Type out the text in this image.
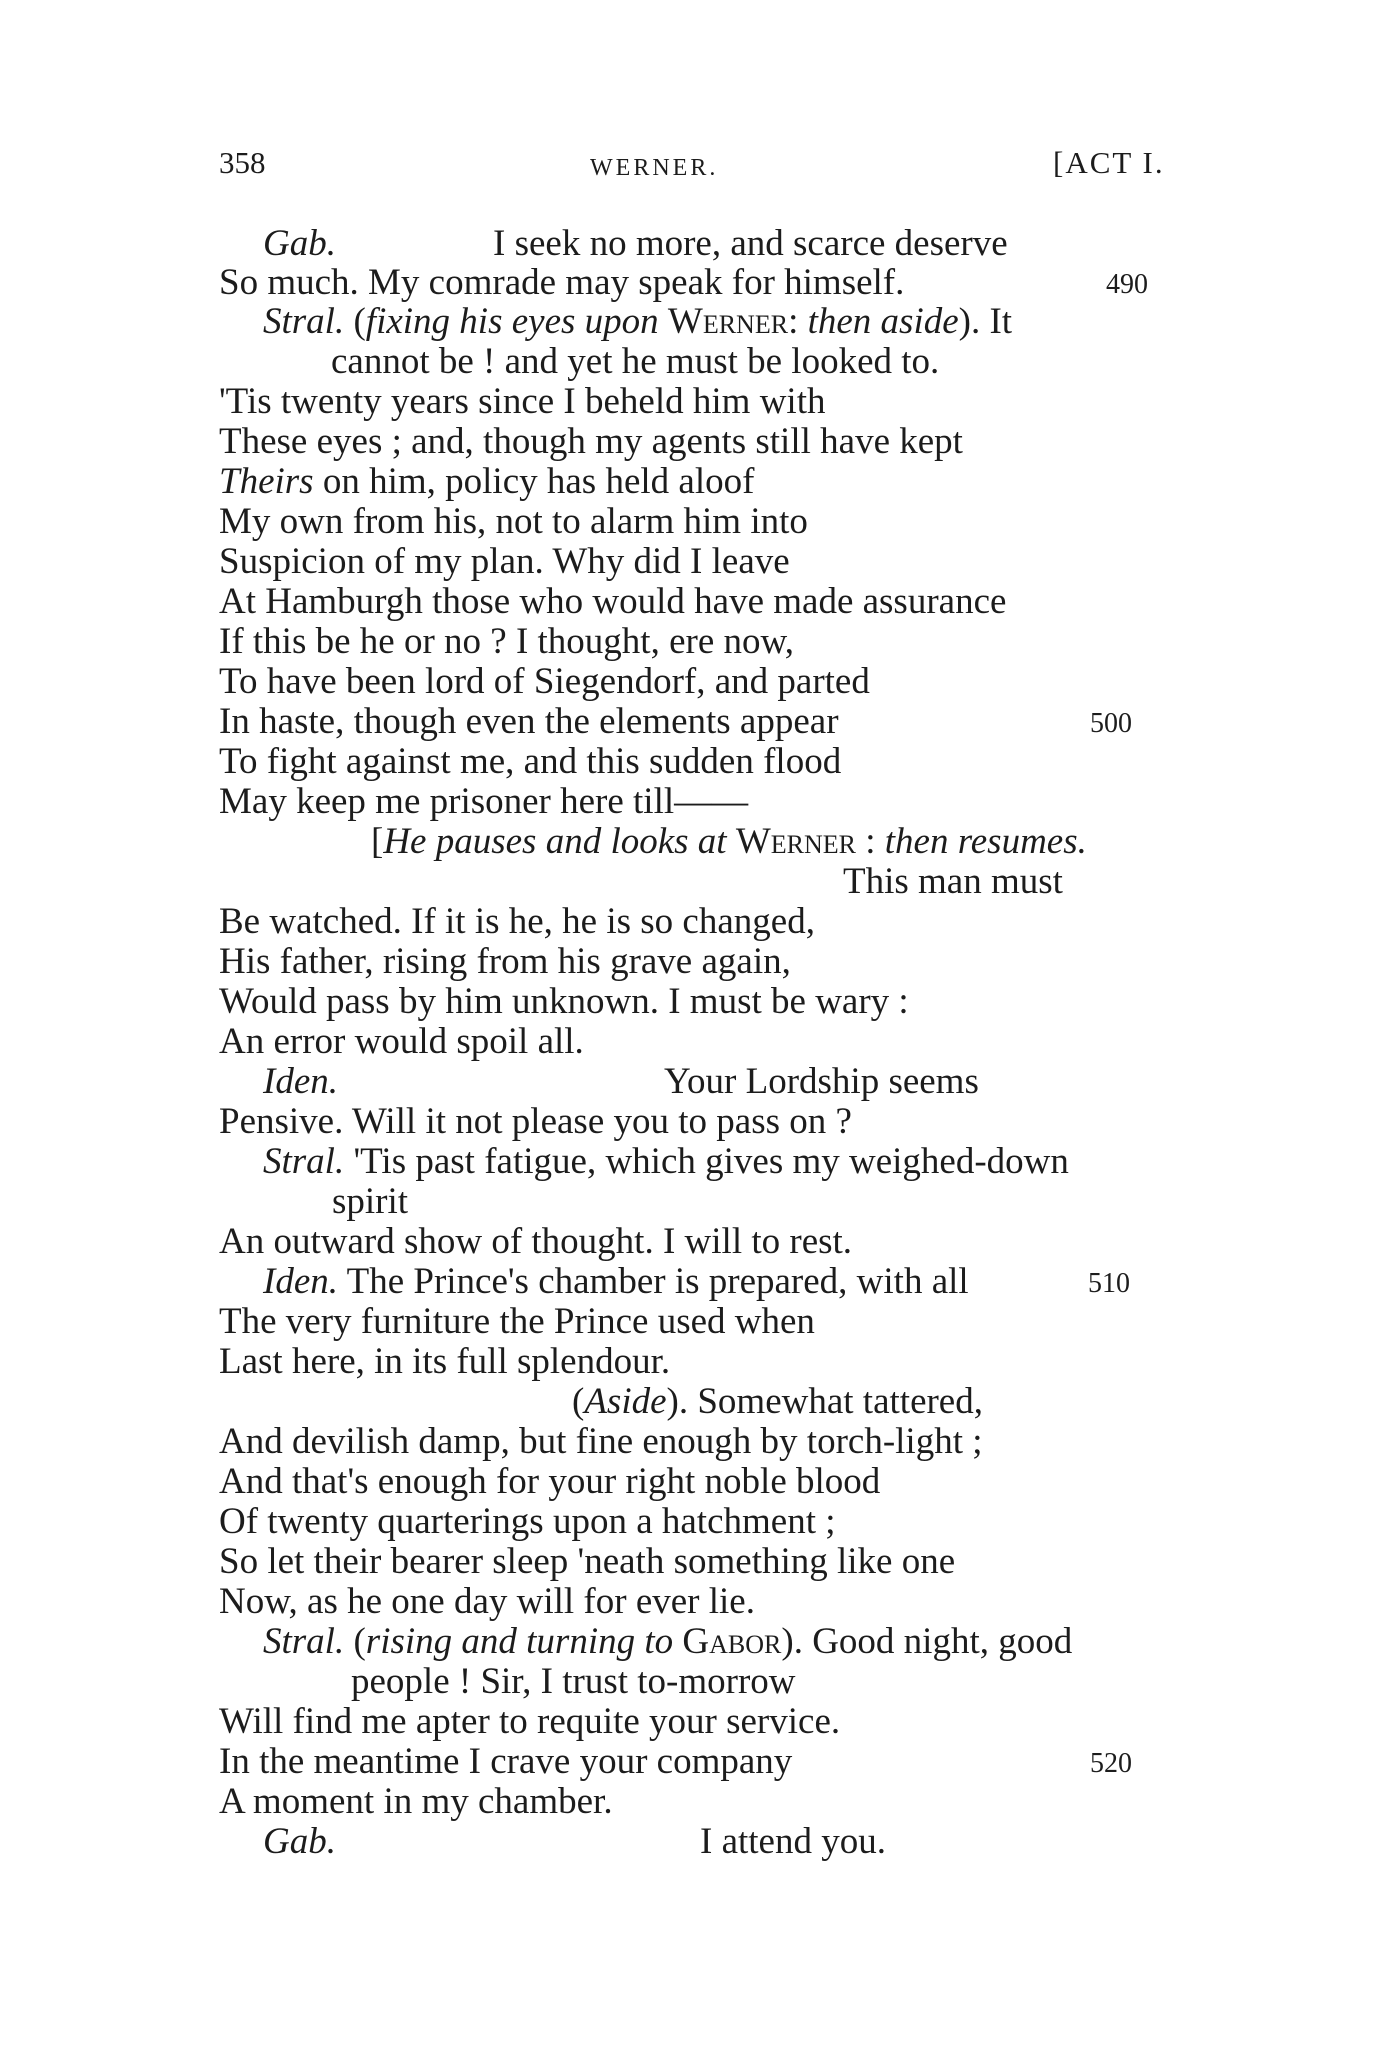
358	WERNER.	[ACT I.
Gab.	I seek no more, and scarce deserve
So much. My comrade may speak for himself.	490
Stral. (fixing his eyes upon Werner: then aside). It
cannot be ! and yet he must be looked to.
'Tis twenty years since I beheld him with
These eyes ; and, though my agents still have kept
Theirs on him, policy has held aloof
My own from his, not to alarm him into
Suspicion of my plan. Why did I leave
At Hamburgh those who would have made assurance
If this be he or no ? I thought, ere now,
To have been lord of Siegendorf, and parted
In haste, though even the elements appear	500
To fight against me, and this sudden flood
May keep me prisoner here till——
[He pauses and looks at Werner : then resumes.
This man must
Be watched. If it is he, he is so changed,
His father, rising from his grave again,
Would pass by him unknown. I must be wary :
An error would spoil all.
Iden.	Your Lordship seems
Pensive. Will it not please you to pass on ?
Stral. 'Tis past fatigue, which gives my weighed-down
spirit
An outward show of thought. I will to rest.
Iden. The Prince's chamber is prepared, with all	510
The very furniture the Prince used when
Last here, in its full splendour.
(Aside). Somewhat tattered,
And devilish damp, but fine enough by torch-light ;
And that's enough for your right noble blood
Of twenty quarterings upon a hatchment ;
So let their bearer sleep 'neath something like one
Now, as he one day will for ever lie.
Stral. (rising and turning to Gabor). Good night, good
people ! Sir, I trust to-morrow
Will find me apter to requite your service.
In the meantime I crave your company	520
A moment in my chamber.
Gab.	I attend you.
